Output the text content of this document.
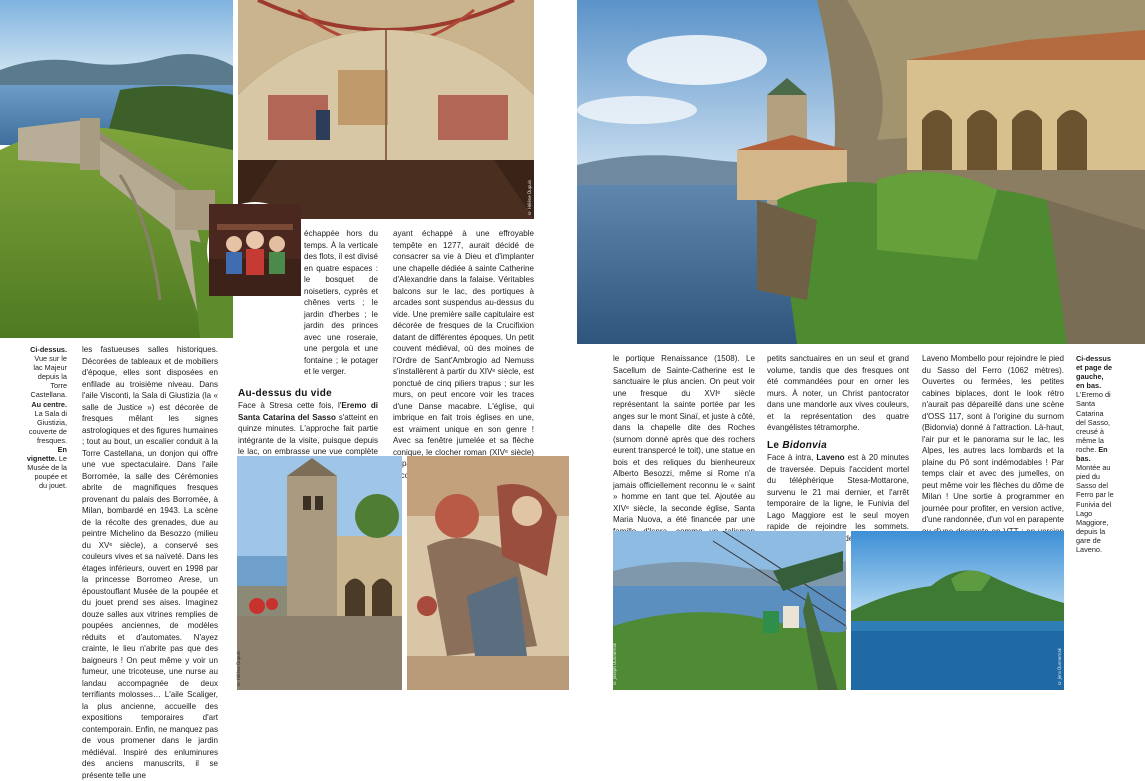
© Hélène Dupuis
Ci-dessus. Vue sur le lac Majeur depuis la Torre Castellana. Au centre. La Sala di Giustizia, couverte de fresques. En vignette. Le Musée de la poupée et du jouet.
les fastueuses salles historiques. Décorées de tableaux et de mobiliers d'époque, elles sont disposées en enfilade au troisième niveau. Dans l'aile Visconti, la Sala di Giustizia (la « salle de Justice ») est décorée de fresques mêlant les signes astrologiques et des figures humaines ; tout au bout, un escalier conduit à la Torre Castellana, un donjon qui offre une vue spectaculaire. Dans l'aile Borromée, la salle des Cérémonies abrite de magnifiques fresques provenant du palais des Borromée, à Milan, bombardé en 1943. La scène de la récolte des grenades, due au peintre Michelino da Besozzo (milieu du XVᵉ siècle), a conservé ses couleurs vives et sa naïveté. Dans les étages inférieurs, ouvert en 1998 par la princesse Borromeo Arese, un époustouflant Musée de la poupée et du jouet prend ses aises. Imaginez douze salles aux vitrines remplies de poupées anciennes, de modèles réduits et d'automates. N'ayez crainte, le lieu n'abrite pas que des baigneurs ! On peut même y voir un fumeur, une tricoteuse, une nurse au landau accompagnée de deux terrifiants molosses… L'aile Scaliger, la plus ancienne, accueille des expositions temporaires d'art contemporain. Enfin, ne manquez pas de vous promener dans le jardin médiéval. Inspiré des enluminures des anciens manuscrits, il se présente telle une
échappée hors du temps. À la verticale des flots, il est divisé en quatre espaces : le bosquet de noisetiers, cyprès et chênes verts ; le jardin d'herbes ; le jardin des princes avec une roseraie, une pergola et une fontaine ; le potager et le verger.
Au-dessus du vide
Face à Stresa cette fois, l'Eremo di Santa Catarina del Sasso s'atteint en quinze minutes. L'approche fait partie intégrante de la visite, puisque depuis le lac, on embrasse une vue complète
ayant échappé à une effroyable tempête en 1277, aurait décidé de consacrer sa vie à Dieu et d'implanter une chapelle dédiée à sainte Catherine d'Alexandrie dans la falaise. Véritables balcons sur le lac, des portiques à arcades sont suspendus au-dessus du vide. Une première salle capitulaire est décorée de fresques de la Crucifixion datant de différentes époques. Un petit couvent médiéval, où des moines de l'Ordre de Sant'Ambrogio ad Nemuss s'installèrent à partir du XIVᵉ siècle, est ponctué de cinq piliers trapus ; sur les murs, on peut encore voir les traces d'une Danse macabre. L'église, qui imbrique en fait trois églises en une, est vraiment unique en son genre ! Avec sa fenêtre jumelée et sa flèche conique, le clocher roman (XIVᵉ siècle)
© Hélène Dupuis
Ci-dessus et page de gauche, en bas. L'Eremo di Santa Catarina del Sasso, creusé à même la roche. En bas. Montée au pied du Sasso del Ferro par le Funivia del Lago Maggiore, depuis la gare de Laveno.
le portique Renaissance (1508). Le Sacellum de Sainte-Catherine est le sanctuaire le plus ancien. On peut voir une fresque du XVIᵉ siècle représentant la sainte portée par les anges sur le mont Sinaï, et juste à côté, dans la chapelle dite des Roches (surnom donné après que des rochers eurent transpercé le toit), une statue en bois et des reliques du bienheureux Alberto Besozzi, même si Rome n'a jamais officiellement reconnu le « saint » homme en tant que tel. Ajoutée au XIVᵉ siècle, la seconde église, Santa Maria Nuova, a été financée par une
petits sanctuaires en un seul et grand volume, tandis que des fresques ont été commandées pour en orner les murs. À noter, un Christ pantocrator dans une mandorle aux vives couleurs, et la représentation des quatre évangélistes tétramorphe.
Le Bidonvia
Face à intra, Laveno est à 20 minutes de traversée. Depuis l'accident mortel du téléphérique Stesa-Mottarone, survenu le 21 mai dernier, et l'arrêt temporaire de la ligne, le Funivia del Lago Maggiore est le seul moyen rapide de rejoindre les sommets.
Laveno Mombello pour rejoindre le pied du Sasso del Ferro (1062 mètres). Ouvertes ou fermées, les petites cabines biplaces, dont le look rétro n'aurait pas dépareillé dans une scène d'OSS 117, sont à l'origine du surnom (Bidonvia) donné à l'attraction. Là-haut, l'air pur et le panorama sur le lac, les Alpes, les autres lacs lombards et la plaine du Pô sont indémodables ! Par temps clair et avec des jumelles, on peut même voir les flèches du dôme de Milan ! Une sortie à programmer en journée pour profiter, en version active, d'une randonnée, d'un vol en parapente
© Joseph Dunnemak	© Jens Dunnemak
